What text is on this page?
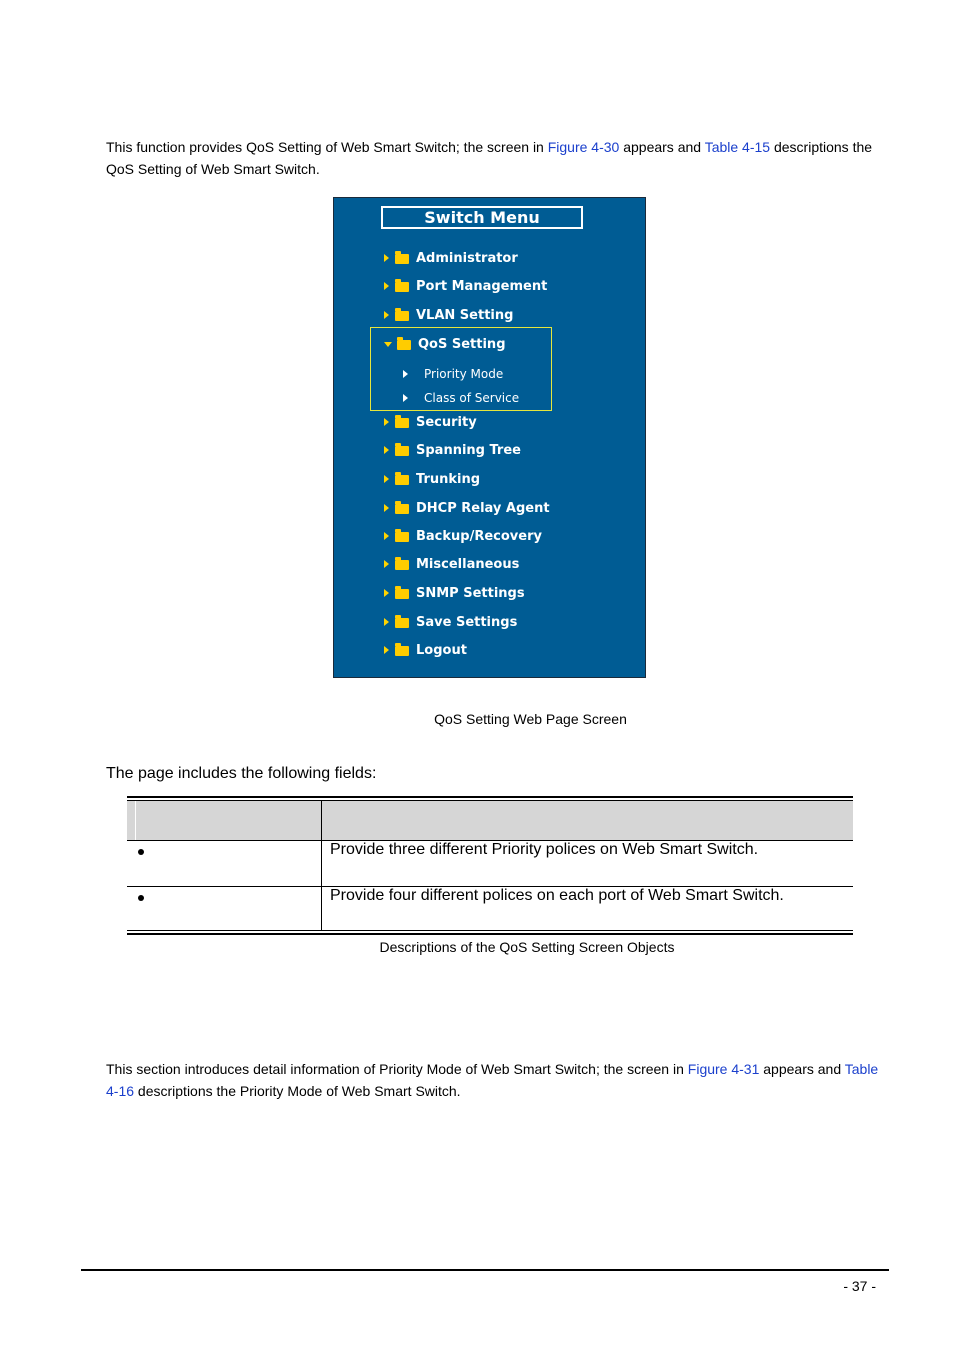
This function provides QoS Setting of Web Smart Switch; the screen in Figure 4-30 appears and Table 4-15 descriptions the QoS Setting of Web Smart Switch.

Switch Menu
Administrator
Port Management
VLAN Setting
QoS Setting
Priority Mode
Class of Service
Security
Spanning Tree
Trunking
DHCP Relay Agent
Backup/Recovery
Miscellaneous
SNMP Settings
Save Settings
Logout

QoS Setting Web Page Screen

The page includes the following fields:

Provide three different Priority polices on Web Smart Switch.

Provide four different polices on each port of Web Smart Switch.

Descriptions of the QoS Setting Screen Objects

This section introduces detail information of Priority Mode of Web Smart Switch; the screen in Figure 4-31 appears and Table 4-16 descriptions the Priority Mode of Web Smart Switch.

- 37 -
